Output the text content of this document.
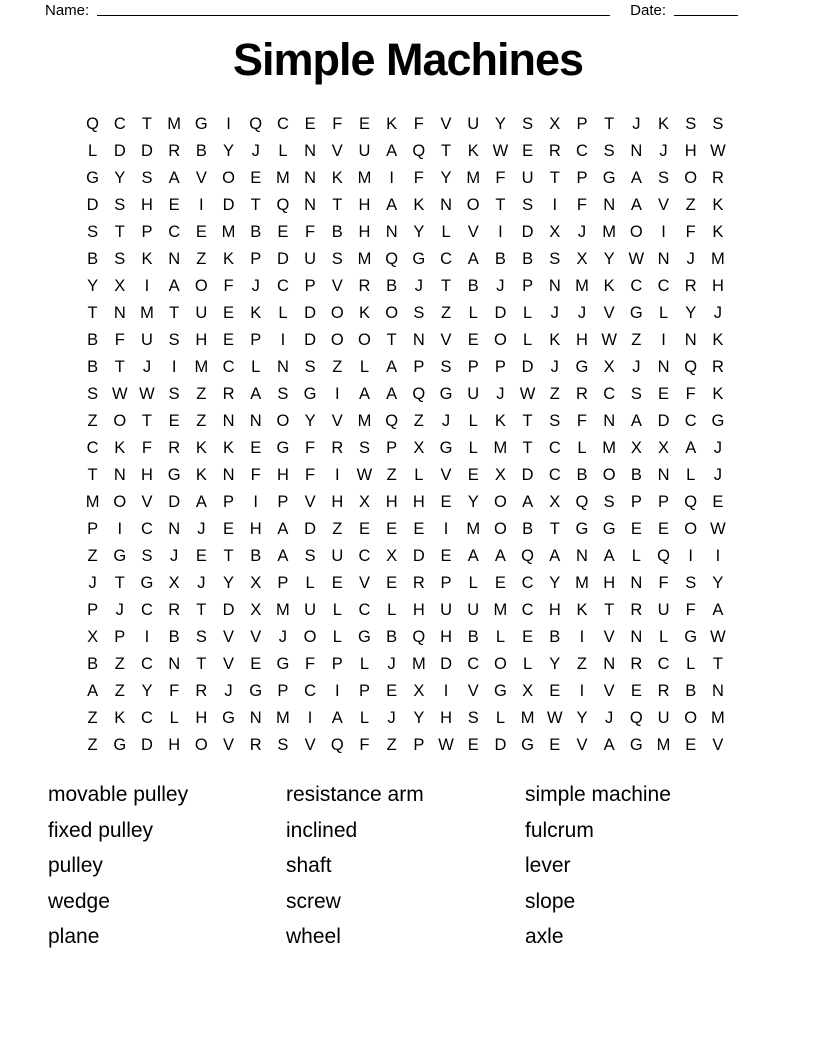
Name:	Date:
Simple Machines
Q C T M G	I	Q C E	F	E K	F	V U Y S X P	T	J	K S S
L	D D R B Y	J	L	N V U A Q T	K W E R C S N	J	H W
G Y S A V O E M N K M	I	F	Y M F U T	P G A S O R
D S H E	I	D T Q N T H A K N O T	S	I	F N A V	Z	K
S	T	P C E M B E	F	B H N Y	L	V	I	D X	J M O	I	F	K
B S K N Z	K P D U S M Q G C A B B S X Y W N	J M
Y X	I	A O F	J	C P V R B	J	T	B	J	P N M K C C R H
T N M T U E K	L	D O K O S	Z	L	D	L	J	J	V G L	Y	J
B	F U S H E P	I	D O O T N V E O L	K H W Z	I	N K
B	T	J	I	M C	L	N S	Z	L	A P S P P D	J	G X	J	N Q R
S W W S	Z R A S G	I	A A Q G U	J W Z R C S E	F	K
Z O T	E	Z N N O Y V M Q Z	J	L	K	T	S	F N A D C G
C K	F R K K E G F R S P X G L M T C	L M X X A	J
T N H G K N F H F	I	W Z	L	V E X D C B O B N	L	J
M O V D A P	I	P V H X H H E Y O A X Q S P P Q E
P	I	C N	J	E H A D Z	E E E	I	M O B	T G G E E O W
Z G S	J	E	T	B A S U C X D E A A Q A N A	L Q	I	I
J	T G X	J	Y X P	L	E V E R P	L	E C Y M H N F	S Y
P	J	C R T D X M U	L	C	L	H U U M C H K	T R U F	A
X P	I	B S V V	J	O L G B Q H B	L	E B	I	V N	L G W
B	Z C N T	V E G F	P	L	J M D C O L	Y	Z N R C	L	T
A	Z	Y	F R	J	G P C	I	P E X	I	V G X E	I	V E R B N
Z	K C	L	H G N M	I	A	L	J	Y H S	L M W Y	J	Q U O M
Z G D H O V R S V Q F	Z	P W E D G E V A G M E V
movable pulley
fixed pulley
pulley
wedge
plane
resistance arm
inclined
shaft
screw
wheel
simple machine
fulcrum
lever
slope
axle
